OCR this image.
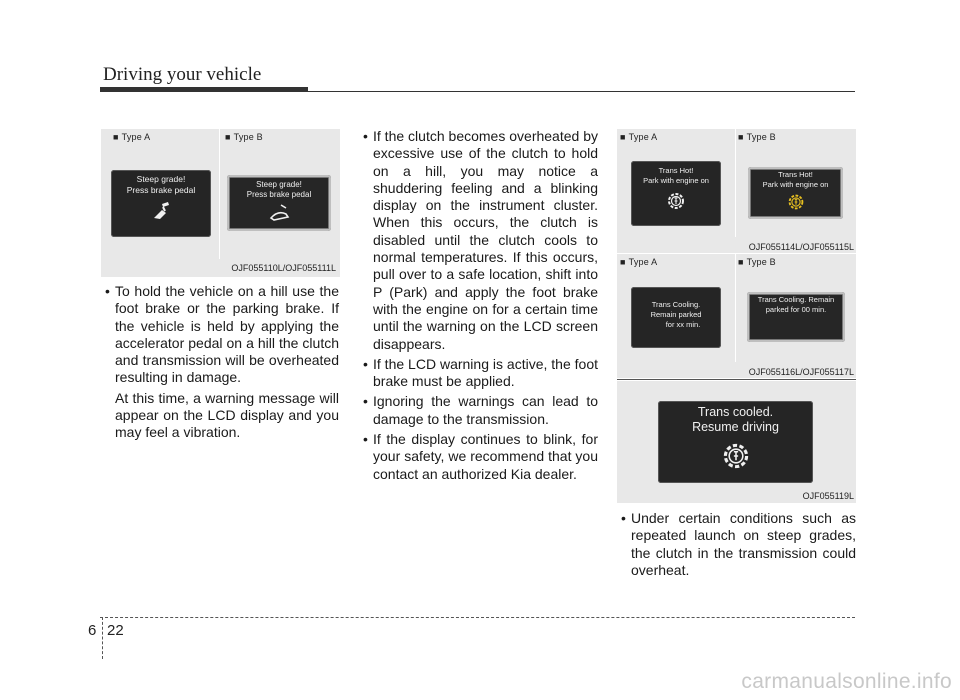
Driving your vehicle
■ Type A	■ Type B
Steep grade!
Press brake pedal
Steep grade!
Press brake pedal
OJF055110L/OJF055111L

• To hold the vehicle on a hill use the foot brake or the parking brake. If the vehicle is held by applying the accelerator pedal on a hill the clutch and transmission will be overheated resulting in damage.

At this time, a warning message will appear on the LCD display and you may feel a vibration.

• If the clutch becomes overheated by excessive use of the clutch to hold on a hill, you may notice a shuddering feeling and a blinking display on the instrument cluster. When this occurs, the clutch is disabled until the clutch cools to normal temperatures. If this occurs, pull over to a safe location, shift into P (Park) and apply the foot brake with the engine on for a certain time until the warning on the LCD screen disappears.

• If the LCD warning is active, the foot brake must be applied.

• Ignoring the warnings can lead to damage to the transmission.

• If the display continues to blink, for your safety, we recommend that you contact an authorized Kia dealer.

■ Type A	■ Type B
Trans Hot!
Park with engine on
Trans Hot!
Park with engine on
OJF055114L/OJF055115L
■ Type A	■ Type B
Trans Cooling.
Remain parked
for xx min.
Trans Cooling. Remain
parked for 00 min.
OJF055116L/OJF055117L
Trans cooled.
Resume driving
OJF055119L

• Under certain conditions such as repeated launch on steep grades, the clutch in the transmission could overheat.

6 22
carmanualsonline.info
